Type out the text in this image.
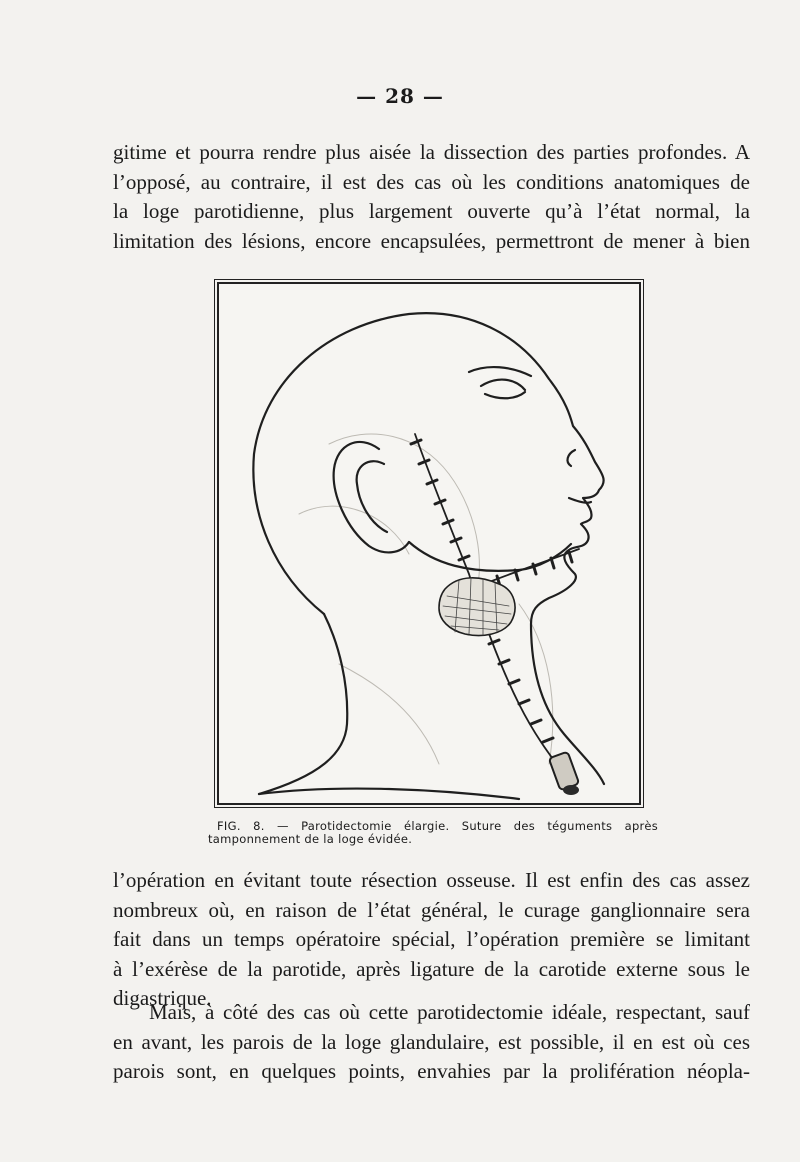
— 28 —

gitime et pourra rendre plus aisée la dissection des parties profondes. A
l’opposé, au contraire, il est des cas où les conditions anatomiques de
la loge parotidienne, plus largement ouverte qu’à l’état normal, la
limitation des lésions, encore encapsulées, permettront de mener à bien

FIG. 8. — Parotidectomie élargie. Suture des téguments après
tamponnement de la loge évidée.

l’opération en évitant toute résection osseuse. Il est enfin des cas assez
nombreux où, en raison de l’état général, le curage ganglionnaire sera
fait dans un temps opératoire spécial, l’opération première se limitant
à l’exérèse de la parotide, après ligature de la carotide externe sous le
digastrique.

Mais, à côté des cas où cette parotidectomie idéale, respectant, sauf
en avant, les parois de la loge glandulaire, est possible, il en est où ces
parois sont, en quelques points, envahies par la prolifération néopla-
